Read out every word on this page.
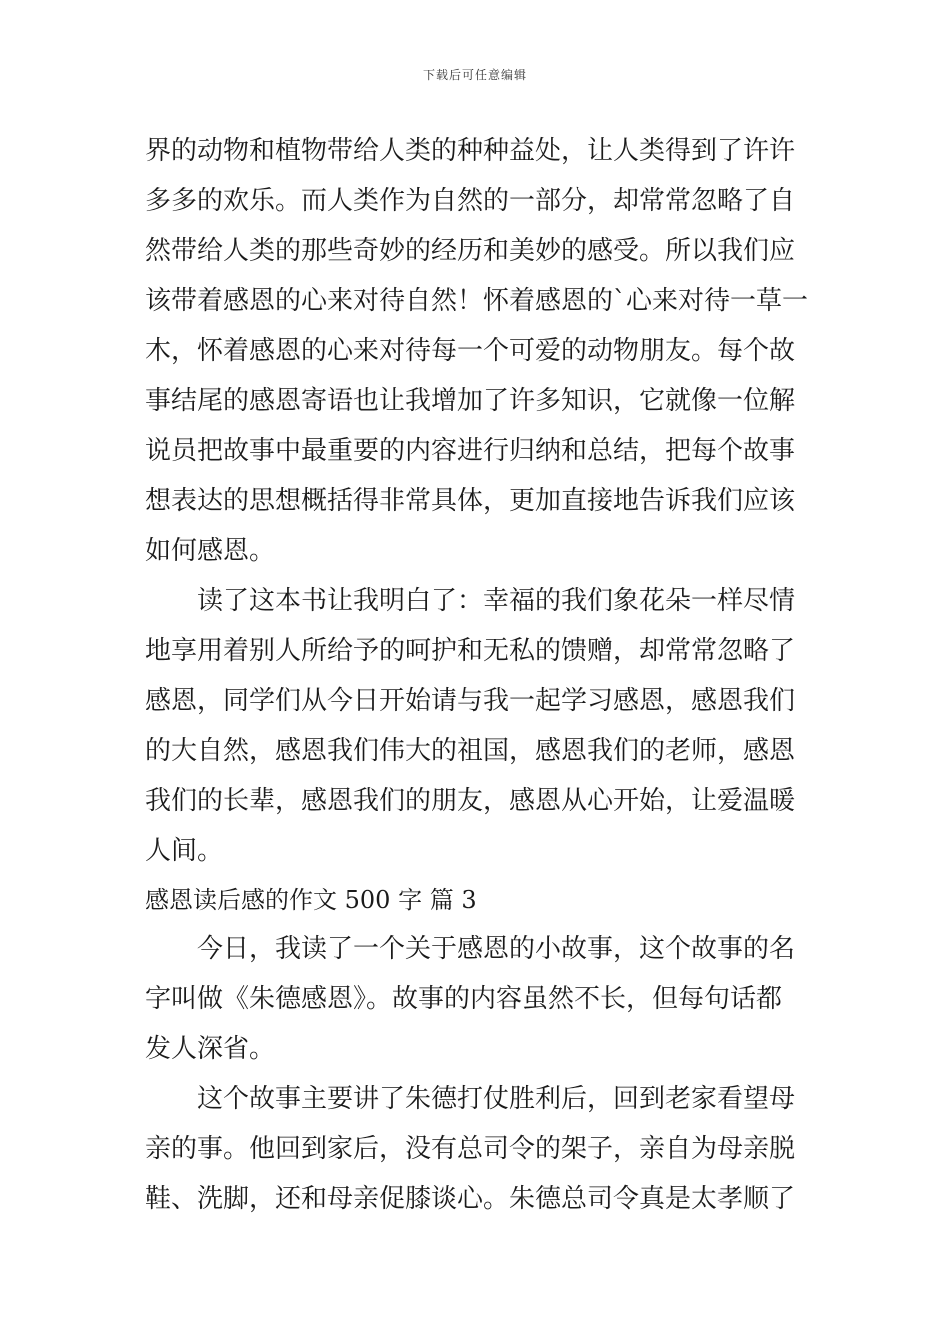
下载后可任意编辑
界的动物和植物带给人类的种种益处，让人类得到了许许
多多的欢乐。而人类作为自然的一部分，却常常忽略了自
然带给人类的那些奇妙的经历和美妙的感受。所以我们应
该带着感恩的心来对待自然！怀着感恩的`心来对待一草一
木，怀着感恩的心来对待每一个可爱的动物朋友。每个故
事结尾的感恩寄语也让我增加了许多知识，它就像一位解
说员把故事中最重要的内容进行归纳和总结，把每个故事
想表达的思想概括得非常具体，更加直接地告诉我们应该
如何感恩。
读了这本书让我明白了：幸福的我们象花朵一样尽情
地享用着别人所给予的呵护和无私的馈赠，却常常忽略了
感恩，同学们从今日开始请与我一起学习感恩，感恩我们
的大自然，感恩我们伟大的祖国，感恩我们的老师，感恩
我们的长辈，感恩我们的朋友，感恩从心开始，让爱温暖
人间。
感恩读后感的作文 500 字 篇 3
今日，我读了一个关于感恩的小故事，这个故事的名
字叫做《朱德感恩》。故事的内容虽然不长，但每句话都
发人深省。
这个故事主要讲了朱德打仗胜利后，回到老家看望母
亲的事。他回到家后，没有总司令的架子，亲自为母亲脱
鞋、洗脚，还和母亲促膝谈心。朱德总司令真是太孝顺了
